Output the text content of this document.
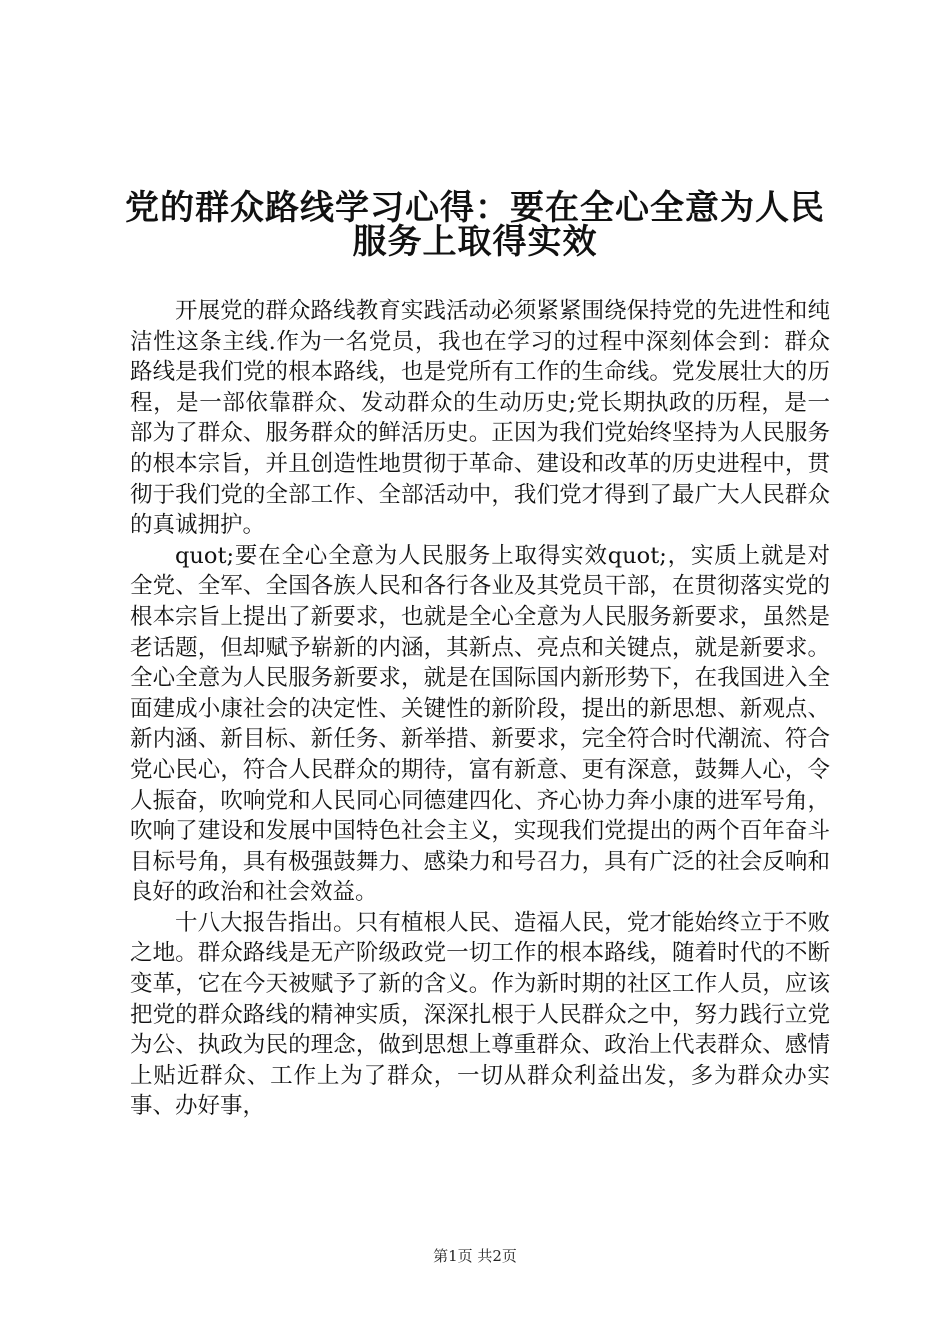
党的群众路线学习心得：要在全心全意为人民
服务上取得实效

开展党的群众路线教育实践活动必须紧紧围绕保持党的先进性和纯洁性这条主线.作为一名党员，我也在学习的过程中深刻体会到：群众路线是我们党的根本路线，也是党所有工作的生命线。党发展壮大的历程，是一部依靠群众、发动群众的生动历史;党长期执政的历程，是一部为了群众、服务群众的鲜活历史。正因为我们党始终坚持为人民服务的根本宗旨，并且创造性地贯彻于革命、建设和改革的历史进程中，贯彻于我们党的全部工作、全部活动中，我们党才得到了最广大人民群众的真诚拥护。

quot;要在全心全意为人民服务上取得实效quot;，实质上就是对全党、全军、全国各族人民和各行各业及其党员干部，在贯彻落实党的根本宗旨上提出了新要求，也就是全心全意为人民服务新要求，虽然是老话题，但却赋予崭新的内涵，其新点、亮点和关键点，就是新要求。全心全意为人民服务新要求，就是在国际国内新形势下，在我国进入全面建成小康社会的决定性、关键性的新阶段，提出的新思想、新观点、新内涵、新目标、新任务、新举措、新要求，完全符合时代潮流、符合党心民心，符合人民群众的期待，富有新意、更有深意，鼓舞人心，令人振奋，吹响党和人民同心同德建四化、齐心协力奔小康的进军号角，吹响了建设和发展中国特色社会主义，实现我们党提出的两个百年奋斗目标号角，具有极强鼓舞力、感染力和号召力，具有广泛的社会反响和良好的政治和社会效益。

十八大报告指出。只有植根人民、造福人民，党才能始终立于不败之地。群众路线是无产阶级政党一切工作的根本路线，随着时代的不断变革，它在今天被赋予了新的含义。作为新时期的社区工作人员，应该把党的群众路线的精神实质，深深扎根于人民群众之中，努力践行立党为公、执政为民的理念，做到思想上尊重群众、政治上代表群众、感情上贴近群众、工作上为了群众，一切从群众利益出发，多为群众办实事、办好事，

第1页 共2页
